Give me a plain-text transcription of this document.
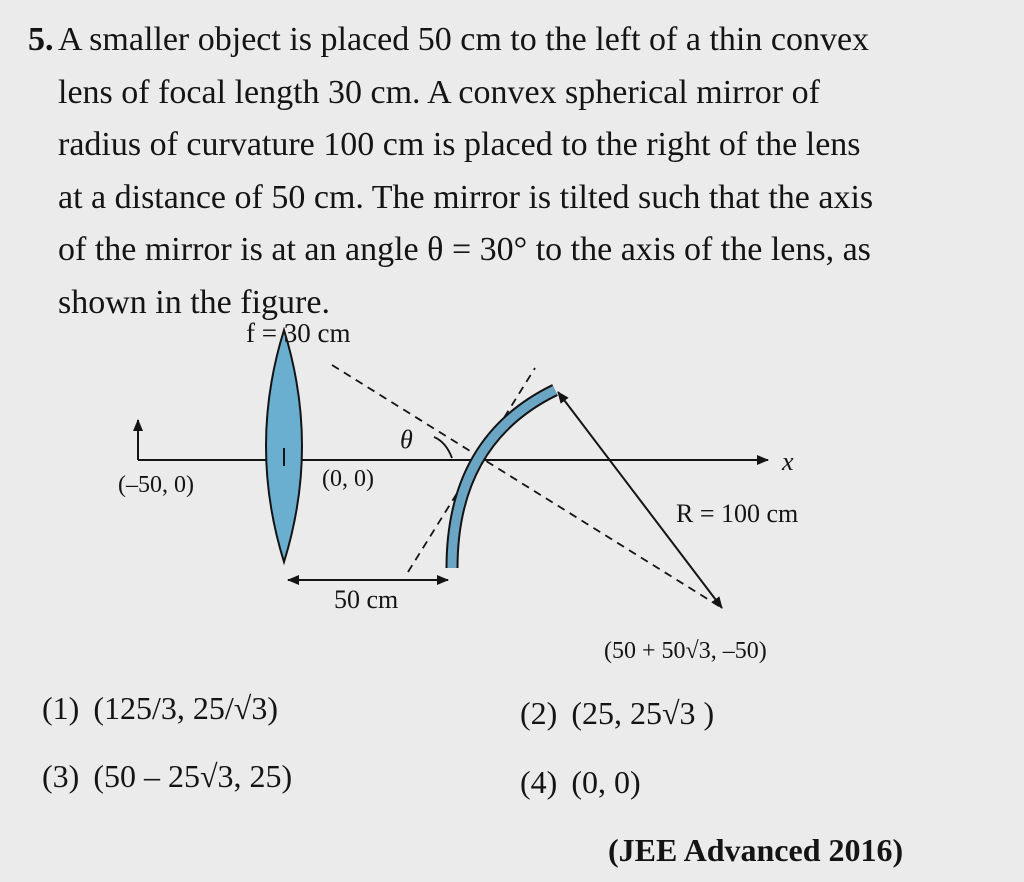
5. A smaller object is placed 50 cm to the left of a thin convex

lens of focal length 30 cm. A convex spherical mirror of

radius of curvature 100 cm is placed to the right of the lens

at a distance of 50 cm. The mirror is tilted such that the axis

of the mirror is at an angle θ = 30° to the axis of the lens, as

shown in the figure.

f = 30 cm
(–50, 0)	(0, 0)
θ
x
R = 100 cm
50 cm
(50 + 50√3, –50)
(1) (125/3, 25/√3)	(2) (25, 25√3 )
(3) (50 – 25√3, 25)	(4) (0, 0)
(JEE Advanced 2016)
